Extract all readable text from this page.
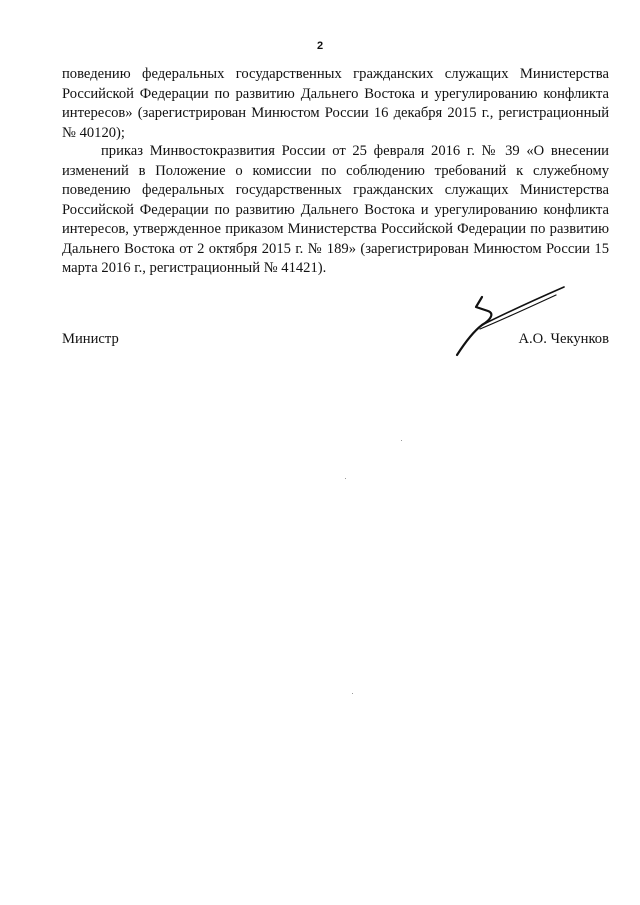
2

поведению федеральных государственных гражданских служащих Министерства Российской Федерации по развитию Дальнего Востока и урегулированию конфликта интересов» (зарегистрирован Минюстом России 16 декабря 2015 г., регистрационный № 40120);

приказ Минвостокразвития России от 25 февраля 2016 г. № 39 «О внесении изменений в Положение о комиссии по соблюдению требований к служебному поведению федеральных государственных гражданских служащих Министерства Российской Федерации по развитию Дальнего Востока и урегулированию конфликта интересов, утвержденное приказом Министерства Российской Федерации по развитию Дальнего Востока от 2 октября 2015 г. № 189» (зарегистрирован Минюстом России 15 марта 2016 г., регистрационный № 41421).

Министр	А.О. Чекунков
